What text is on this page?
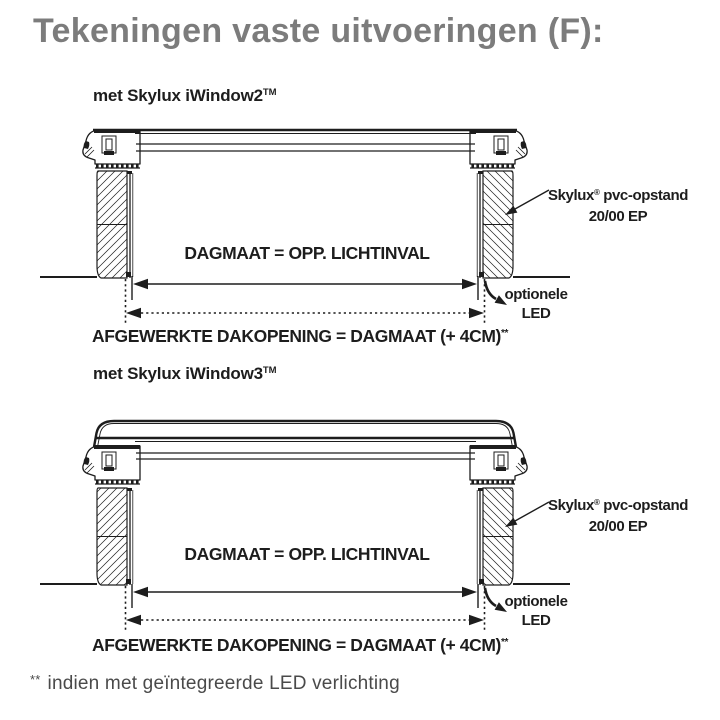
Tekeningen vaste uitvoeringen (F):
met Skylux iWindow2™
DAGMAAT = OPP. LICHTINVAL
AFGEWERKTE DAKOPENING = DAGMAAT (+ 4CM)**
Skylux® pvc-opstand
20/00 EP
optionele
LED
met Skylux iWindow3™
DAGMAAT = OPP. LICHTINVAL
AFGEWERKTE DAKOPENING = DAGMAAT (+ 4CM)**
Skylux® pvc-opstand
20/00 EP
optionele
LED
** indien met geïntegreerde LED verlichting
